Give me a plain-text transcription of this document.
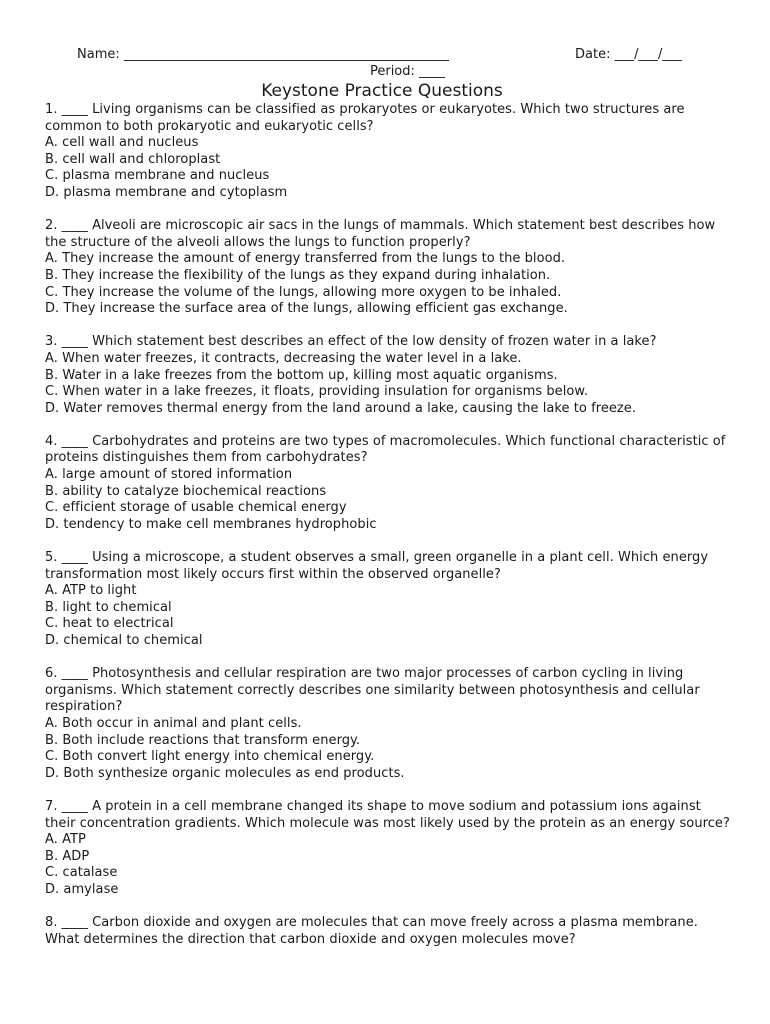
Name: __________________________________________________	Date: ___/___/___
Period: ____
Keystone Practice Questions
1. ____ Living organisms can be classified as prokaryotes or eukaryotes. Which two structures are common to both prokaryotic and eukaryotic cells?
A. cell wall and nucleus
B. cell wall and chloroplast
C. plasma membrane and nucleus
D. plasma membrane and cytoplasm
2. ____ Alveoli are microscopic air sacs in the lungs of mammals. Which statement best describes how the structure of the alveoli allows the lungs to function properly?
A. They increase the amount of energy transferred from the lungs to the blood.
B. They increase the flexibility of the lungs as they expand during inhalation.
C. They increase the volume of the lungs, allowing more oxygen to be inhaled.
D. They increase the surface area of the lungs, allowing efficient gas exchange.
3. ____ Which statement best describes an effect of the low density of frozen water in a lake?
A. When water freezes, it contracts, decreasing the water level in a lake.
B. Water in a lake freezes from the bottom up, killing most aquatic organisms.
C. When water in a lake freezes, it floats, providing insulation for organisms below.
D. Water removes thermal energy from the land around a lake, causing the lake to freeze.
4. ____ Carbohydrates and proteins are two types of macromolecules. Which functional characteristic of proteins distinguishes them from carbohydrates?
A. large amount of stored information
B. ability to catalyze biochemical reactions
C. efficient storage of usable chemical energy
D. tendency to make cell membranes hydrophobic
5. ____ Using a microscope, a student observes a small, green organelle in a plant cell. Which energy transformation most likely occurs first within the observed organelle?
A. ATP to light
B. light to chemical
C. heat to electrical
D. chemical to chemical
6. ____ Photosynthesis and cellular respiration are two major processes of carbon cycling in living organisms. Which statement correctly describes one similarity between photosynthesis and cellular respiration?
A. Both occur in animal and plant cells.
B. Both include reactions that transform energy.
C. Both convert light energy into chemical energy.
D. Both synthesize organic molecules as end products.
7. ____ A protein in a cell membrane changed its shape to move sodium and potassium ions against their concentration gradients. Which molecule was most likely used by the protein as an energy source?
A. ATP
B. ADP
C. catalase
D. amylase
8. ____ Carbon dioxide and oxygen are molecules that can move freely across a plasma membrane. What determines the direction that carbon dioxide and oxygen molecules move?
